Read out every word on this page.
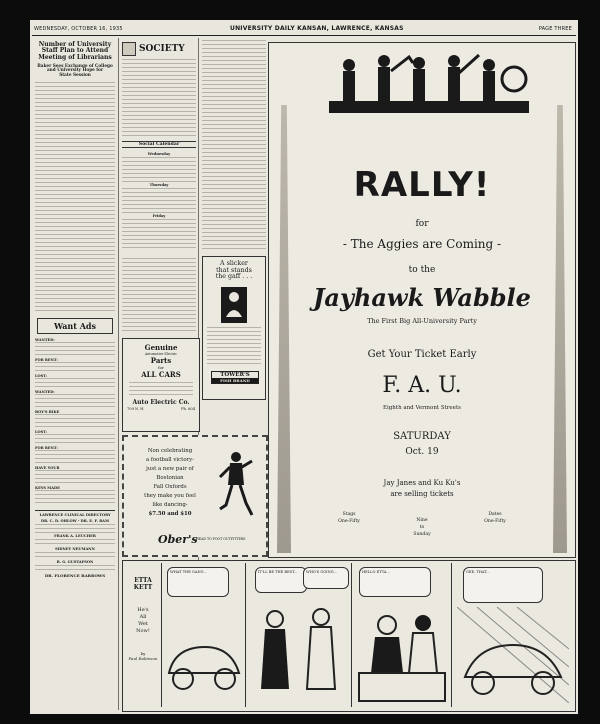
WEDNESDAY, OCTOBER 16, 1935	UNIVERSITY DAILY KANSAN, LAWRENCE, KANSAS	PAGE THREE
Number of University
Staff Plan to Attend
Meeting of Librarians
Baker Sees Exchange of Collego
and University Hope for
State Session
Want Ads
WANTED:
FOR RENT:
LOST:
WANTED:
BOY'S BIKE
LOST:
FOR RENT:
HAVE YOUR
KEYS MADE
LAWRENCE CLINICAL DIRECTORY
DR. C. D. OHLOW - DR. E. F. RAM
FRANK A. LEUCHER
SIDNEY NEUMANN
R. G. GUSTAFSON
DR. FLORENCE BARROWS
SOCIETY
Social Calendar
Wednesday
Thursday
Friday
A slicker
that stands
the gaff . . .
TOWER'S
FISH BRAND
Genuine
Automotive Electric
Parts
for
ALL CARS
Auto Electric Co.
709 N. H.	Ph. 604
Non celebrating
a football victory-
just a new pair of
Bostonian
Fall Oxfords
they make you feel
like dancing-
$7.50 and $10
Ober's
HEAD TO FOOT OUTFITTERS
RALLY!
for
- The Aggies are Coming -
to the
Jayhawk Wabble
The First Big All-University Party
Get Your Ticket Early
F. A. U.
Eighth and Vermont Streets
SATURDAY
Oct. 19
Jay Janes and Ku Ku's
are selling tickets
Stags
One-Fifty	Nine
to
Sunday
Dates
One-Fifty
ETTA
KETT
He's
All
Wet
Now!
by
Paul Robinson
WHAT THE GANG...	IT'LL BE THE BEST...	WHO'S GOING...	HELLO ETTA...	GEE, THAT...
